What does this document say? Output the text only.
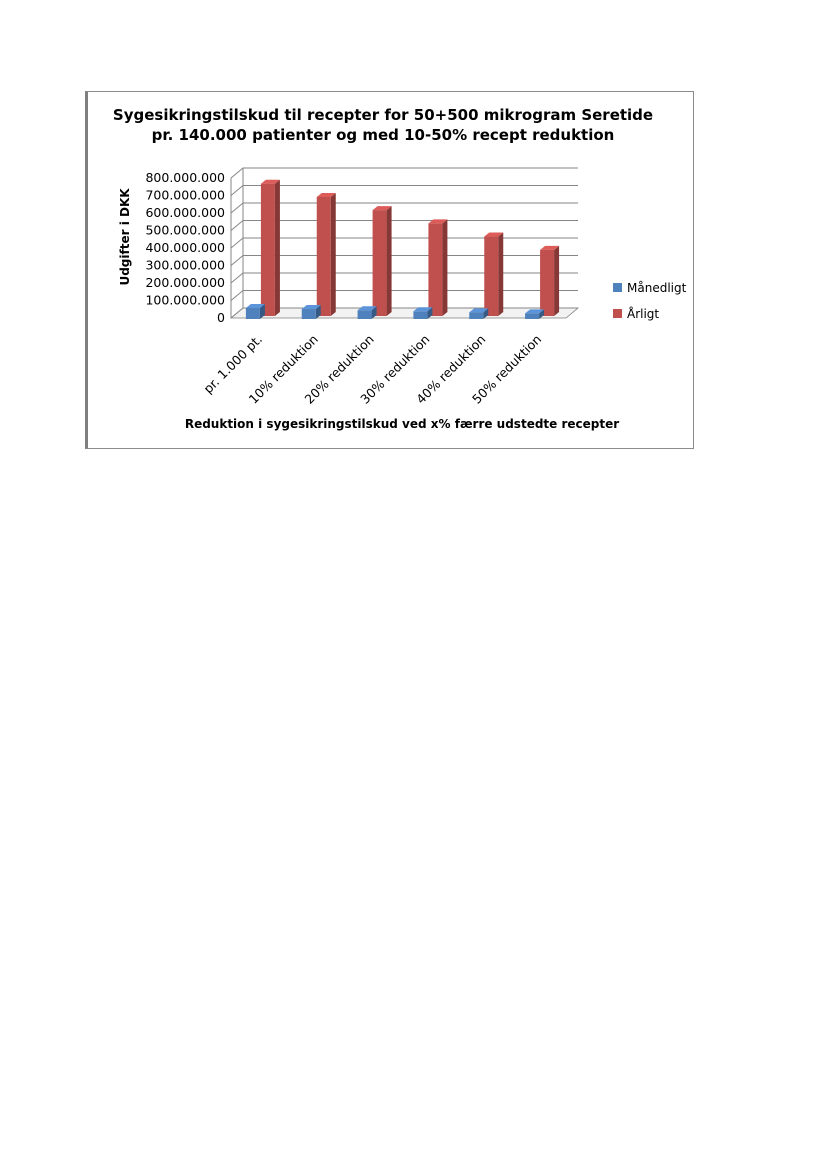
0
100.000.000
200.000.000
300.000.000
400.000.000
500.000.000
600.000.000
700.000.000
800.000.000
pr. 1.000 pt.
10% reduktion
20% reduktion
30% reduktion
40% reduktion
50% reduktion
Sygesikringstilskud til recepter for 50+500 mikrogram Seretide
pr. 140.000 patienter og med 10-50% recept reduktion
Udgifter i DKK
Reduktion i sygesikringstilskud ved x% færre udstedte recepter
Månedligt
Årligt
